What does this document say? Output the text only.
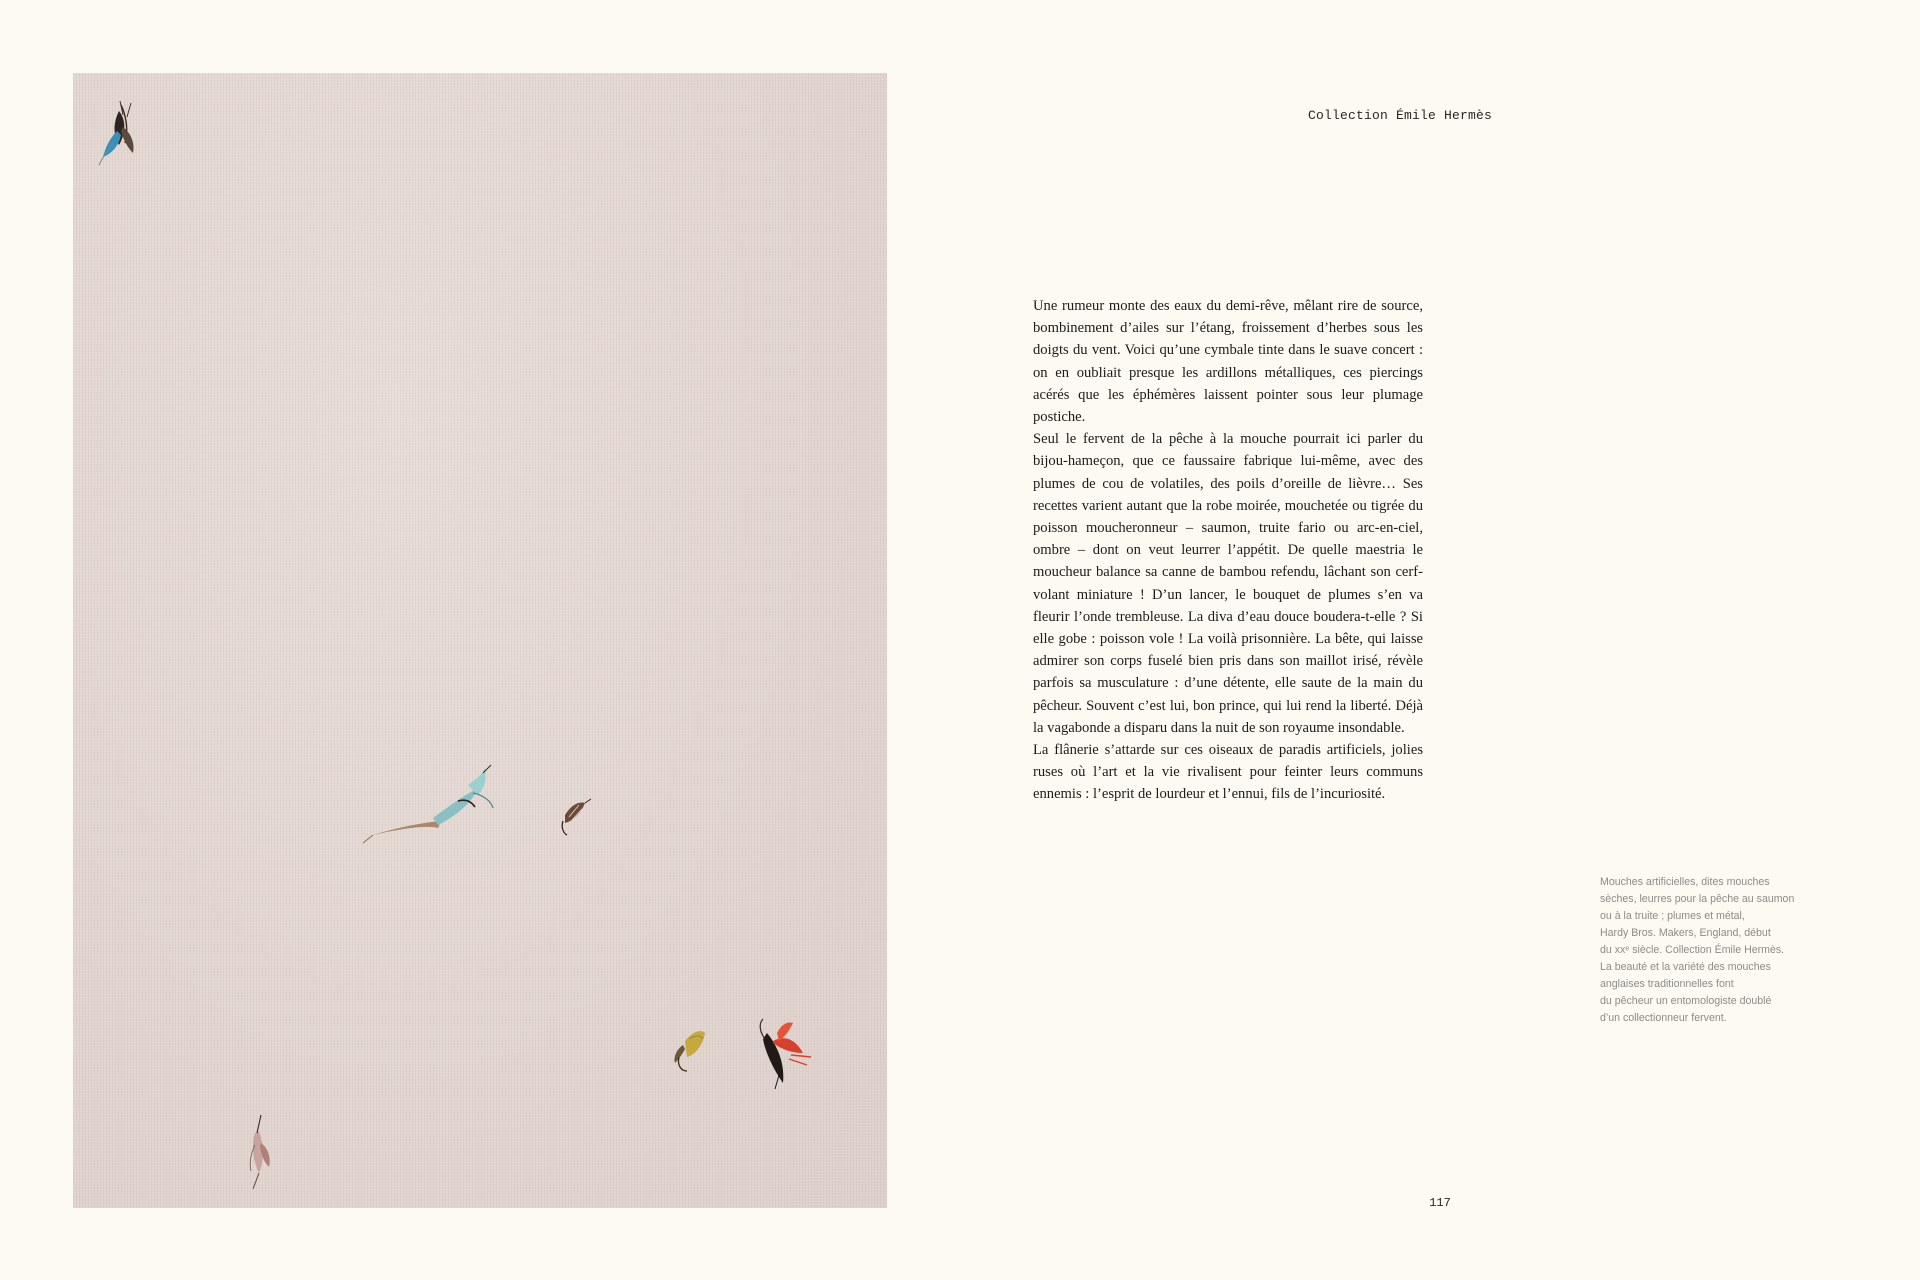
Collection Émile Hermès

Une rumeur monte des eaux du demi-rêve, mêlant rire de source, bombinement d’ailes sur l’étang, froissement d’herbes sous les doigts du vent. Voici qu’une cymbale tinte dans le suave concert : on en oubliait presque les ardillons métalliques, ces piercings acérés que les éphémères laissent pointer sous leur plumage postiche.

Seul le fervent de la pêche à la mouche pourrait ici parler du bijou-hameçon, que ce faussaire fabrique lui-même, avec des plumes de cou de volatiles, des poils d’oreille de lièvre… Ses recettes varient autant que la robe moirée, mouchetée ou tigrée du poisson moucheronneur – saumon, truite fario ou arc-en-ciel, ombre – dont on veut leurrer l’appétit. De quelle maestria le moucheur balance sa canne de bambou refendu, lâchant son cerf-volant miniature ! D’un lancer, le bouquet de plumes s’en va fleurir l’onde trembleuse. La diva d’eau douce boudera-t-elle ? Si elle gobe : poisson vole ! La voilà prisonnière. La bête, qui laisse admirer son corps fuselé bien pris dans son maillot irisé, révèle parfois sa musculature : d’une détente, elle saute de la main du pêcheur. Souvent c’est lui, bon prince, qui lui rend la liberté. Déjà la vagabonde a disparu dans la nuit de son royaume insondable.

La flânerie s’attarde sur ces oiseaux de paradis artificiels, jolies ruses où l’art et la vie rivalisent pour feinter leurs communs ennemis : l’esprit de lourdeur et l’ennui, fils de l’incuriosité.

Mouches artificielles, dites mouches
sèches, leurres pour la pêche au saumon
ou à la truite ; plumes et métal,
Hardy Bros. Makers, England, début
du xxᵉ siècle. Collection Émile Hermès.
La beauté et la variété des mouches
anglaises traditionnelles font
du pêcheur un entomologiste doublé
d’un collectionneur fervent.
117
